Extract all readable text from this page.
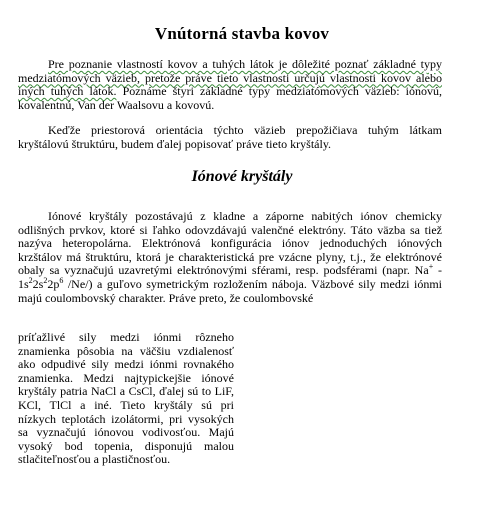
Vnútorná stavba kovov
Pre poznanie vlastností kovov a tuhých látok je dôležité poznať základné typy medziatómových väzieb, pretože práve tieto vlastnosti určujú vlastnosti kovov alebo iných tuhých látok. Poznáme štyri základné typy medziatómových väzieb: iónovú, kovalentnú, Van der Waalsovu a kovovú.
Keďže priestorová orientácia týchto väzieb prepožičiava tuhým látkam kryštálovú štruktúru, budem ďalej popisovať práve tieto kryštály.
Iónové kryštály
Iónové kryštály pozostávajú z kladne a záporne nabitých iónov chemicky odlišných prvkov, ktoré si ľahko odovzdávajú valenčné elektróny. Táto väzba sa tiež nazýva heteropolárna. Elektrónová konfigurácia iónov jednoduchých iónových krzštálov má štruktúru, ktorá je charakteristická pre vzácne plyny, t.j., že elektrónové obaly sa vyznačujú uzavretými elektrónovými sférami, resp. podsférami (napr. $Na^+ - 1s^22s^22p^6$ /Ne/) a guľovo symetrickým rozložením náboja. Väzbové sily medzi iónmi majú coulombovský charakter. Práve preto, že coulombovské
príťažlivé sily medzi iónmi rôzneho znamienka pôsobia na väčšiu vzdialenosť ako odpudivé sily medzi iónmi rovnakého znamienka. Medzi najtypickejšie iónové kryštály patria NaCl a CsCl, ďalej sú to LiF, KCl, TlCl a iné. Tieto kryštály sú pri nízkych teplotách izolátormi, pri vysokých sa vyznačujú iónovou vodivosťou. Majú vysoký bod topenia, disponujú malou stlačiteľnosťou a plastičnosťou.
